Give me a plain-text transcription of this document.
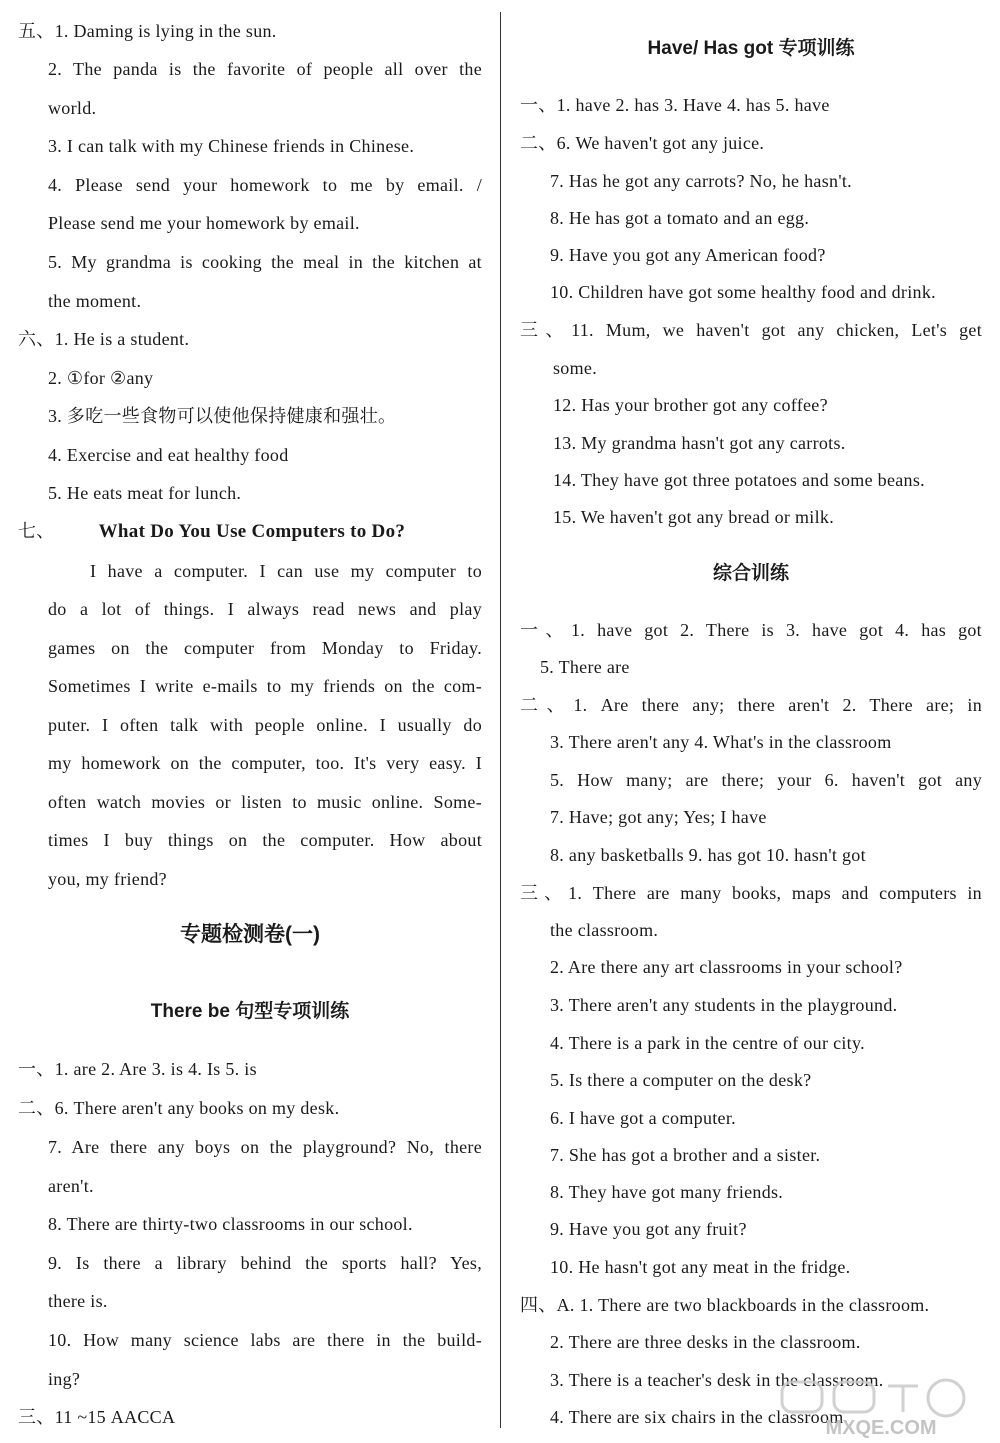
五、1. Daming is lying in the sun.
2. The panda is the favorite of people all over the
world.
3. I can talk with my Chinese friends in Chinese.
4. Please send your homework to me by email. /
Please send me your homework by email.
5. My grandma is cooking the meal in the kitchen at
the moment.
六、1. He is a student.
2. ①for ②any
3. 多吃一些食物可以使他保持健康和强壮。
4. Exercise and eat healthy food
5. He eats meat for lunch.
七、 What Do You Use Computers to Do?
I have a computer. I can use my computer to
do a lot of things. I always read news and play
games on the computer from Monday to Friday.
Sometimes I write e-mails to my friends on the com-
puter. I often talk with people online. I usually do
my homework on the computer, too. It's very easy. I
often watch movies or listen to music online. Some-
times I buy things on the computer. How about
you, my friend?
专题检测卷(一)
There be 句型专项训练
一、1. are 2. Are 3. is 4. Is 5. is
二、6. There aren't any books on my desk.
7. Are there any boys on the playground? No, there
aren't.
8. There are thirty-two classrooms in our school.
9. Is there a library behind the sports hall? Yes,
there is.
10. How many science labs are there in the build-
ing?
三、11 ~15 AACCA
Have/ Has got 专项训练
一、1. have 2. has 3. Have 4. has 5. have
二、6. We haven't got any juice.
7. Has he got any carrots? No, he hasn't.
8. He has got a tomato and an egg.
9. Have you got any American food?
10. Children have got some healthy food and drink.
三、11. Mum, we haven't got any chicken, Let's get
some.
12. Has your brother got any coffee?
13. My grandma hasn't got any carrots.
14. They have got three potatoes and some beans.
15. We haven't got any bread or milk.
综合训练
一、1. have got 2. There is 3. have got 4. has got
5. There are
二、1. Are there any; there aren't 2. There are; in
3. There aren't any 4. What's in the classroom
5. How many; are there; your 6. haven't got any
7. Have; got any; Yes; I have
8. any basketballs 9. has got 10. hasn't got
三、1. There are many books, maps and computers in
the classroom.
2. Are there any art classrooms in your school?
3. There aren't any students in the playground.
4. There is a park in the centre of our city.
5. Is there a computer on the desk?
6. I have got a computer.
7. She has got a brother and a sister.
8. They have got many friends.
9. Have you got any fruit?
10. He hasn't got any meat in the fridge.
四、A. 1. There are two blackboards in the classroom.
2. There are three desks in the classroom.
3. There is a teacher's desk in the classroom.
4. There are six chairs in the classroom.
MXQE.COM
